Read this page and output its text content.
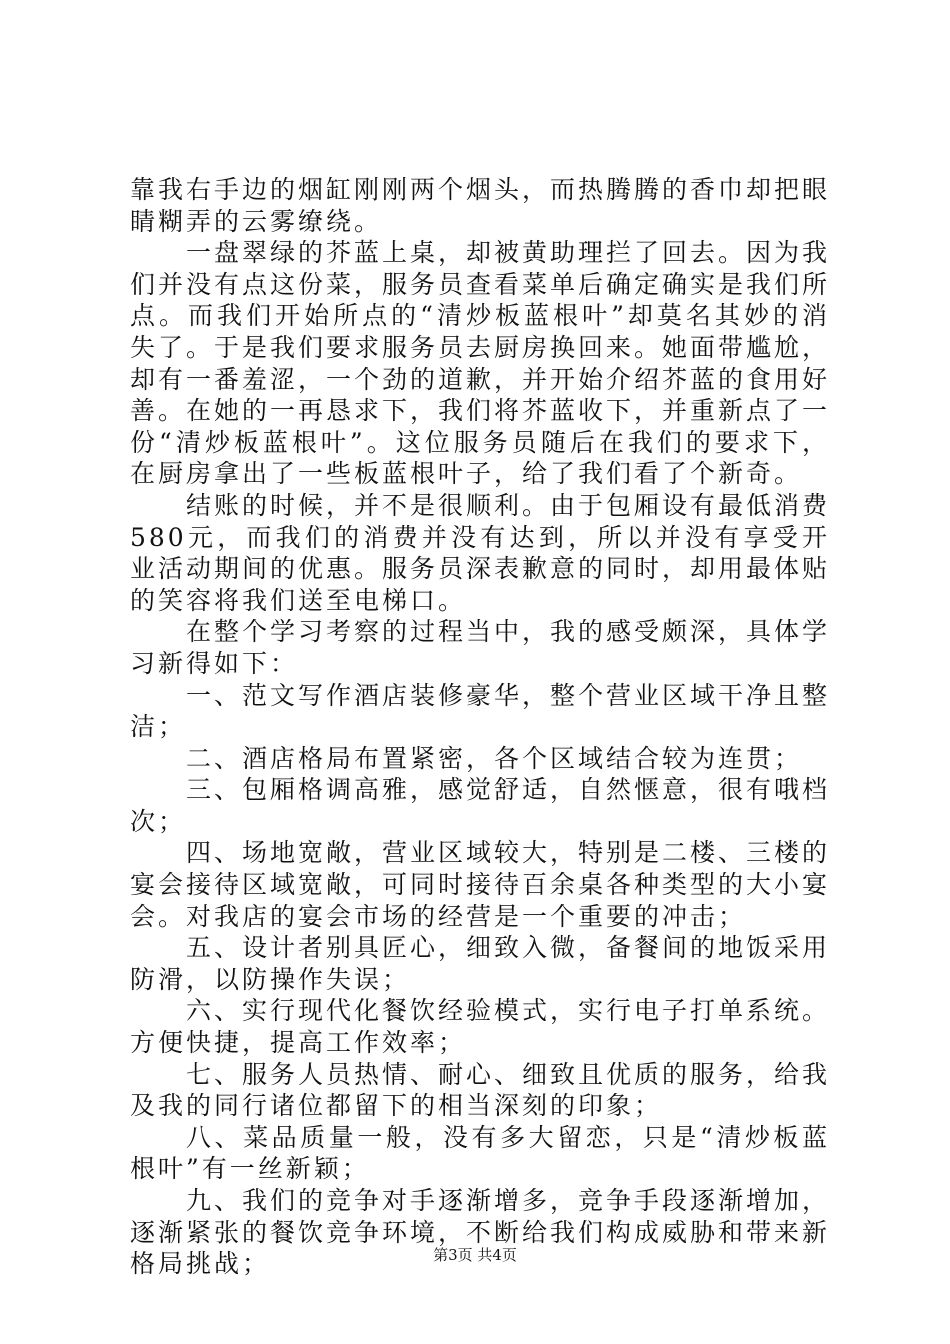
靠我右手边的烟缸刚刚两个烟头，而热腾腾的香巾却把眼睛糊弄的云雾缭绕。

一盘翠绿的芥蓝上桌，却被黄助理拦了回去。因为我们并没有点这份菜，服务员查看菜单后确定确实是我们所点。而我们开始所点的“清炒板蓝根叶”却莫名其妙的消失了。于是我们要求服务员去厨房换回来。她面带尴尬，却有一番羞涩，一个劲的道歉，并开始介绍芥蓝的食用好善。在她的一再恳求下，我们将芥蓝收下，并重新点了一份“清炒板蓝根叶”。这位服务员随后在我们的要求下，在厨房拿出了一些板蓝根叶子，给了我们看了个新奇。

结账的时候，并不是很顺利。由于包厢设有最低消费580元，而我们的消费并没有达到，所以并没有享受开业活动期间的优惠。服务员深表歉意的同时，却用最体贴的笑容将我们送至电梯口。

在整个学习考察的过程当中，我的感受颇深，具体学习新得如下：

一、范文写作酒店装修豪华，整个营业区域干净且整洁；

二、酒店格局布置紧密，各个区域结合较为连贯；

三、包厢格调高雅，感觉舒适，自然惬意，很有哦档次；

四、场地宽敞，营业区域较大，特别是二楼、三楼的宴会接待区域宽敞，可同时接待百余桌各种类型的大小宴会。对我店的宴会市场的经营是一个重要的冲击；

五、设计者别具匠心，细致入微，备餐间的地饭采用防滑，以防操作失误；

六、实行现代化餐饮经验模式，实行电子打单系统。方便快捷，提高工作效率；

七、服务人员热情、耐心、细致且优质的服务，给我及我的同行诸位都留下的相当深刻的印象；

八、菜品质量一般，没有多大留恋，只是“清炒板蓝根叶”有一丝新颖；

九、我们的竞争对手逐渐增多，竞争手段逐渐增加，逐渐紧张的餐饮竞争环境，不断给我们构成威胁和带来新格局挑战；	第3页 共4页
